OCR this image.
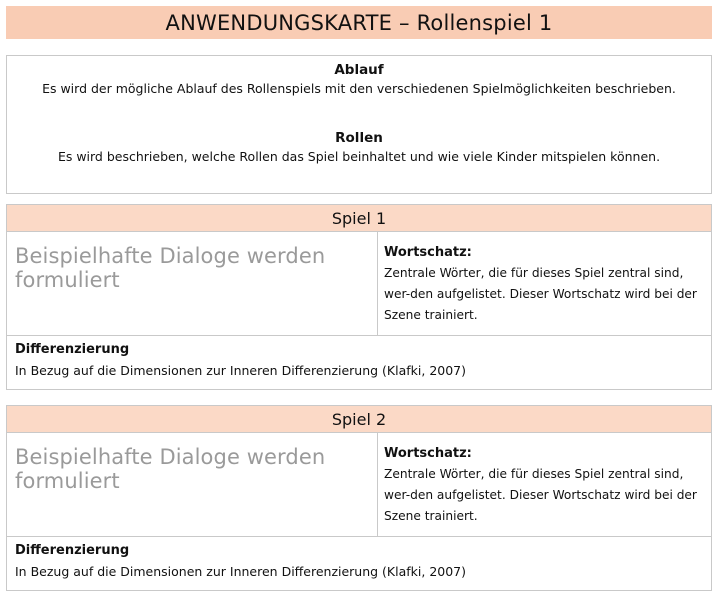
ANWENDUNGSKARTE – Rollenspiel 1
Ablauf
Es wird der mögliche Ablauf des Rollenspiels mit den verschiedenen Spielmöglichkeiten beschrieben.
Rollen
Es wird beschrieben, welche Rollen das Spiel beinhaltet und wie viele Kinder mitspielen können.
Spiel 1
Beispielhafte Dialoge werden formuliert
Wortschatz:
Zentrale Wörter, die für dieses Spiel zentral sind, wer-den aufgelistet. Dieser Wortschatz wird bei der Szene trainiert.
Differenzierung
In Bezug auf die Dimensionen zur Inneren Differenzierung (Klafki, 2007)
Spiel 2
Beispielhafte Dialoge werden formuliert
Wortschatz:
Zentrale Wörter, die für dieses Spiel zentral sind, wer-den aufgelistet. Dieser Wortschatz wird bei der Szene trainiert.
Differenzierung
In Bezug auf die Dimensionen zur Inneren Differenzierung (Klafki, 2007)
